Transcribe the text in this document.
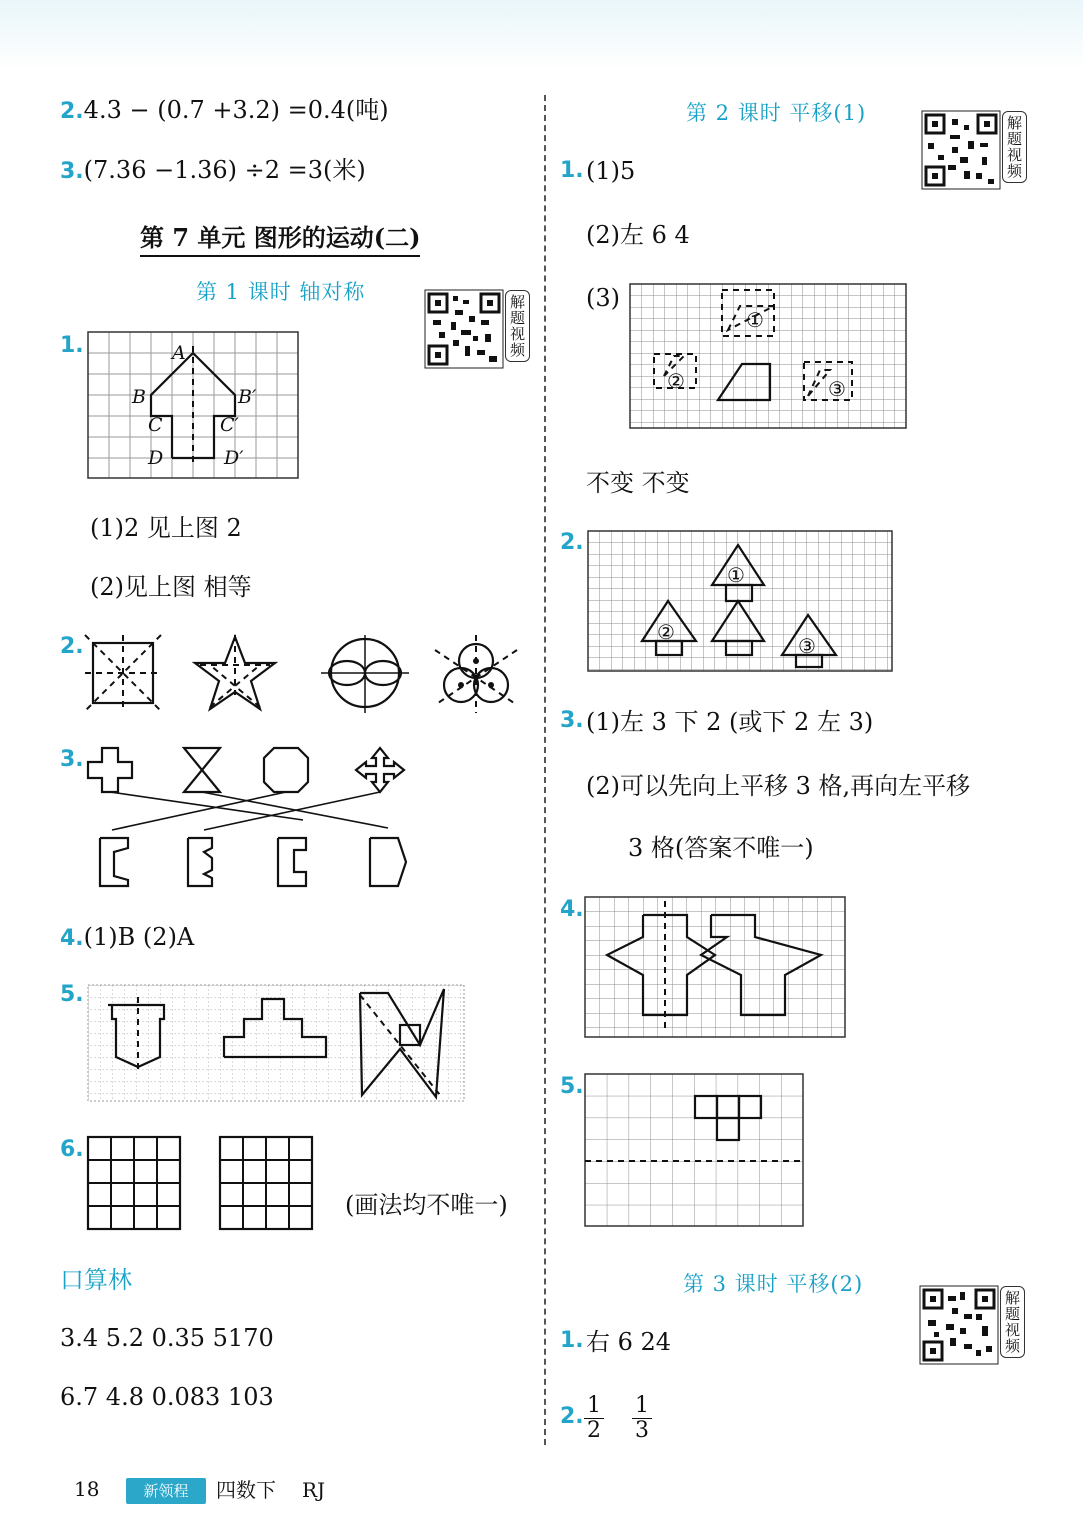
2.4.3 − (0.7 +3.2) =0.4(吨)
3.(7.36 −1.36) ÷2 =3(米)
第 7 单元 图形的运动(二)
第 1 课时 轴对称
解题视频
1.	A
B	B′
C	C′
D	D′
(1)2 见上图 2
(2)见上图 相等
2.
3.
4.(1)B (2)A
5.
6.
(画法均不唯一)
口算林
3.4 5.2 0.35 5170
6.7 4.8 0.083 103
第 2 课时 平移(1)
解题视频
1. (1)5
(2)左 6 4
(3)
①
②	③
不变 不变
2.
①
②
③
3. (1)左 3 下 2 (或下 2 左 3)
(2)可以先向上平移 3 格,再向左平移
3 格(答案不唯一)
4.
5.
第 3 课时 平移(2)
解题视频
1. 右 6 24
2. $\frac{1}{2} \frac{1}{3}$
18	新领程	四数下 RJ
